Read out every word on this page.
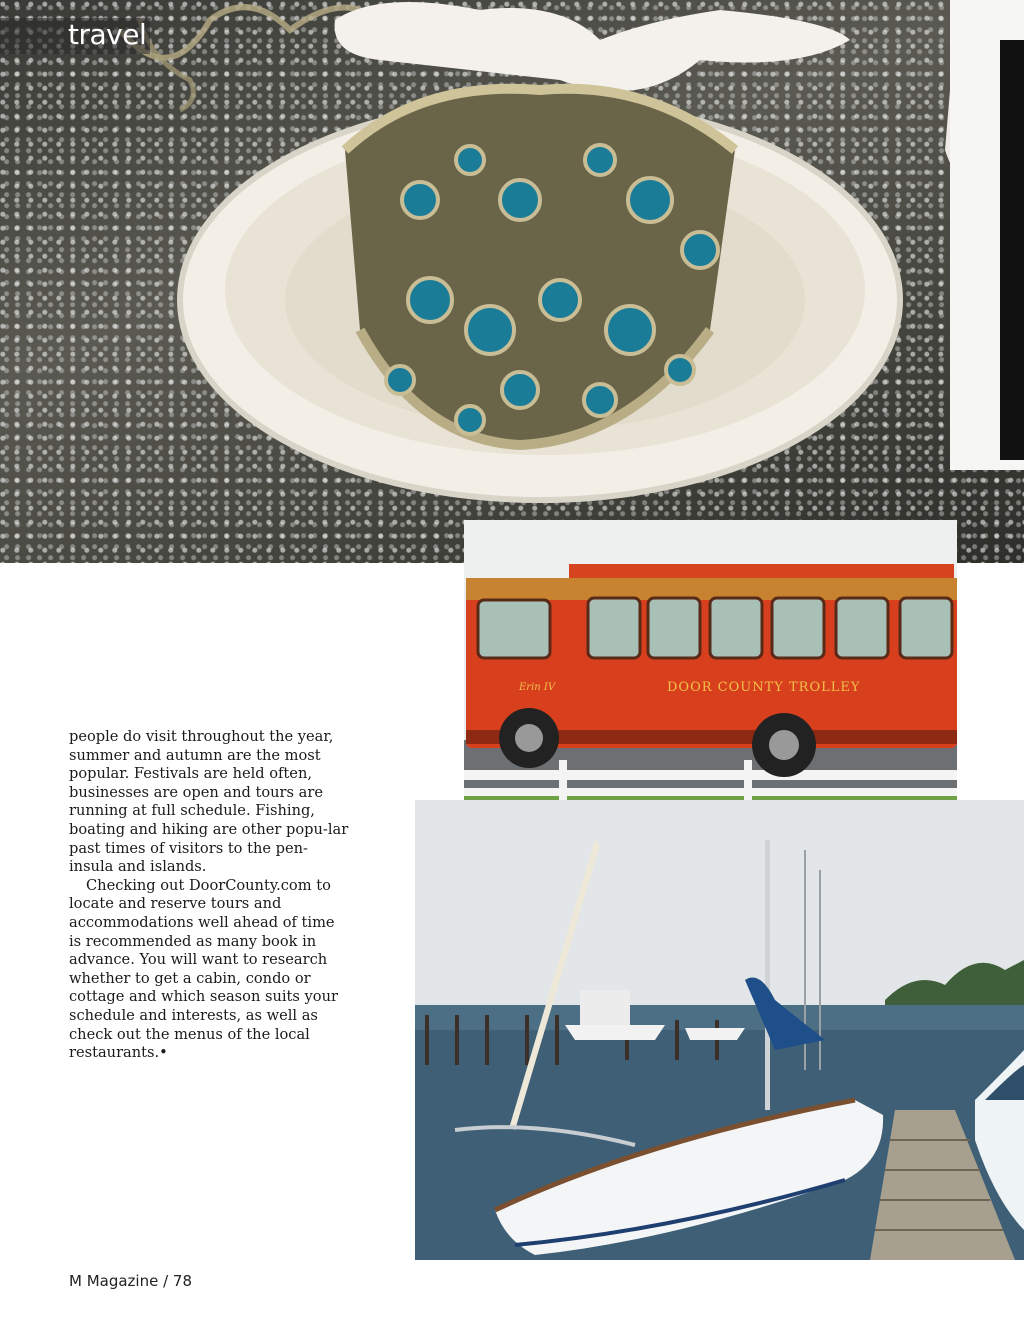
travel

people do visit throughout the year, summer and autumn are the most popular. Festivals are held often, businesses are open and tours are running at full schedule. Fishing, boating and hiking are other popu-lar past times of visitors to the pen-insula and islands.

Checking out DoorCounty.com to locate and reserve tours and accommodations well ahead of time is recommended as many book in advance. You will want to research whether to get a cabin, condo or cottage and which season suits your schedule and interests, as well as check out the menus of the local restaurants.•

DOOR COUNTY TROLLEY
Erin IV
M Magazine / 78
